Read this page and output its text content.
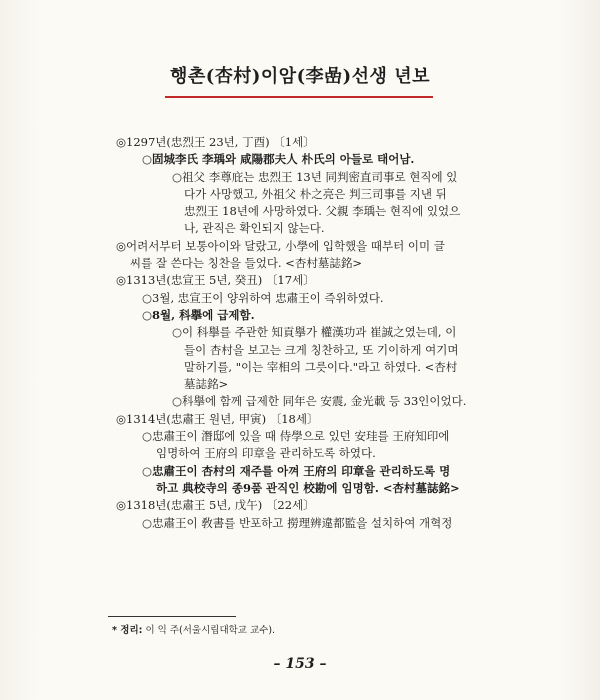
행촌(杏村)이암(李嵒)선생 년보
◎1297년(忠烈王 23년, 丁酉) 〔1세〕
○固城李氏 李瑀와 咸陽郡夫人 朴氏의 아들로 태어남.
○祖父 李尊庇는 忠烈王 13년 同判密直司事로 현직에 있
다가 사망했고, 外祖父 朴之亮은 判三司事를 지낸 뒤
忠烈王 18년에 사망하였다. 父親 李瑀는 현직에 있었으
나, 관직은 확인되지 않는다.
◎어려서부터 보통아이와 달랐고, 小學에 입학했을 때부터 이미 글
씨를 잘 쓴다는 칭찬을 들었다. <杏村墓誌銘>
◎1313년(忠宣王 5년, 癸丑) 〔17세〕
○3월, 忠宣王이 양위하여 忠肅王이 즉위하였다.
○8월, 科擧에 급제함.
○이 科擧를 주관한 知貢擧가 權漢功과 崔誠之였는데, 이
들이 杏村을 보고는 크게 칭찬하고, 또 기이하게 여기며
말하기를, "이는 宰相의 그릇이다."라고 하였다. <杏村
墓誌銘>
○科擧에 함께 급제한 同年은 安震, 金光載 등 33인이었다.
◎1314년(忠肅王 원년, 甲寅) 〔18세〕
○忠肅王이 潛邸에 있을 때 侍學으로 있던 安珪를 王府知印에
임명하여 王府의 印章을 관리하도록 하였다.
○忠肅王이 杏村의 재주를 아껴 王府의 印章을 관리하도록 명
하고 典校寺의 종9품 관직인 校勘에 임명함. <杏村墓誌銘>
◎1318년(忠肅王 5년, 戊午) 〔22세〕
○忠肅王이 敎書를 반포하고 撈理辨違都監을 설치하여 개혁정
* 정리: 이 익 주(서울시립대학교 교수).
– 153 –
